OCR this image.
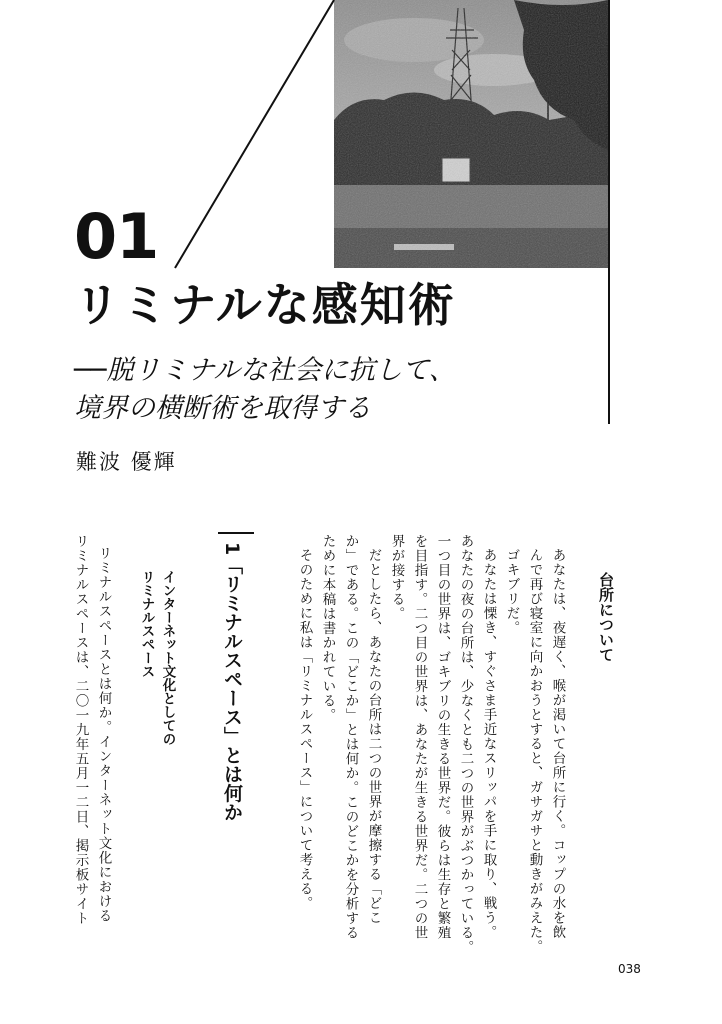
01
リミナルな感知術
──脱リミナルな社会に抗して、
境界の横断術を取得する
難波 優輝
台所について
あなたは、夜遅く、喉が渇いて台所に行く。コップの水を飲
んで再び寝室に向かおうとすると、ガサガサと動きがみえた。
ゴキブリだ。
あなたは慄き、すぐさま手近なスリッパを手に取り、戦う。
あなたの夜の台所は、少なくとも二つの世界がぶつかっている。
一つ目の世界は、ゴキブリの生きる世界だ。彼らは生存と繁殖
を目指す。二つ目の世界は、あなたが生きる世界だ。二つの世
界が接する。
だとしたら、あなたの台所は二つの世界が摩擦する「どこ
か」である。この「どこか」とは何か。このどこかを分析する
ために本稿は書かれている。
そのために私は「リミナルスペース」について考える。
1「リミナルスペース」とは何か
インターネット文化としての
リミナルスペース
リミナルスペースとは何か。インターネット文化における
リミナルスペースは、二〇一九年五月一二日、掲示板サイト
038
